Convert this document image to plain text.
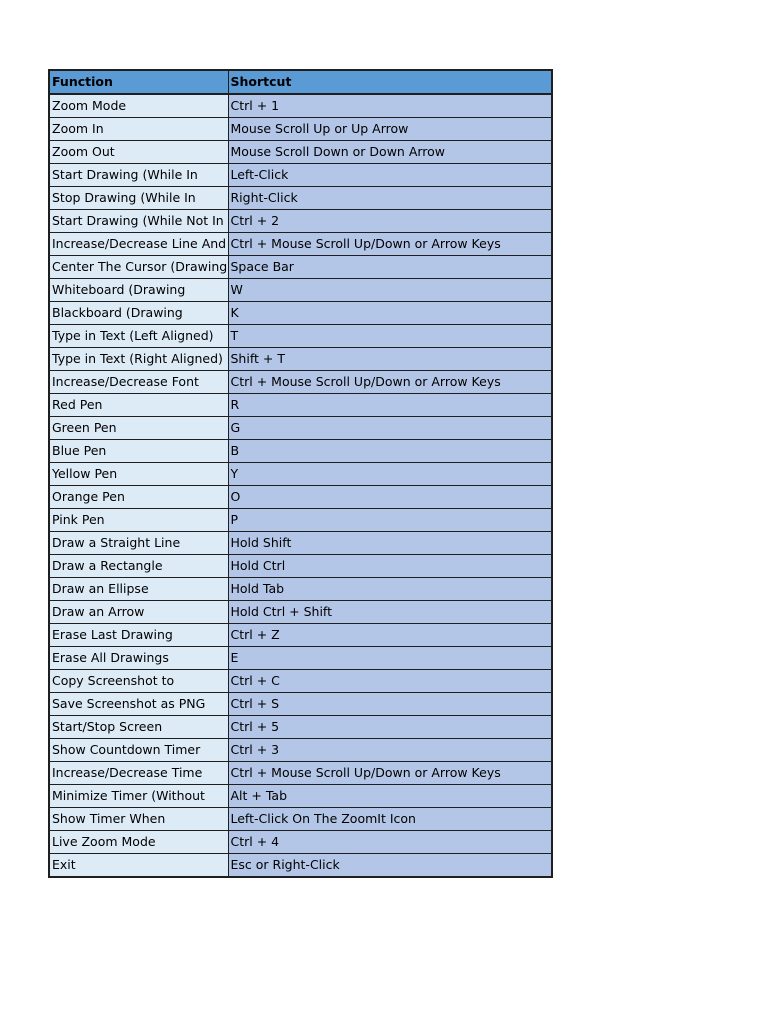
Function	Shortcut
Zoom Mode	Ctrl + 1
Zoom In	Mouse Scroll Up or Up Arrow
Zoom Out	Mouse Scroll Down or Down Arrow
Start Drawing (While In	Left-Click
Stop Drawing (While In	Right-Click
Start Drawing (While Not In	Ctrl + 2
Increase/Decrease Line And	Ctrl + Mouse Scroll Up/Down or Arrow Keys
Center The Cursor (Drawing	Space Bar
Whiteboard (Drawing	W
Blackboard (Drawing	K
Type in Text (Left Aligned)	T
Type in Text (Right Aligned)	Shift + T
Increase/Decrease Font	Ctrl + Mouse Scroll Up/Down or Arrow Keys
Red Pen	R
Green Pen	G
Blue Pen	B
Yellow Pen	Y
Orange Pen	O
Pink Pen	P
Draw a Straight Line	Hold Shift
Draw a Rectangle	Hold Ctrl
Draw an Ellipse	Hold Tab
Draw an Arrow	Hold Ctrl + Shift
Erase Last Drawing	Ctrl + Z
Erase All Drawings	E
Copy Screenshot to	Ctrl + C
Save Screenshot as PNG	Ctrl + S
Start/Stop Screen	Ctrl + 5
Show Countdown Timer	Ctrl + 3
Increase/Decrease Time	Ctrl + Mouse Scroll Up/Down or Arrow Keys
Minimize Timer (Without	Alt + Tab
Show Timer When	Left-Click On The ZoomIt Icon
Live Zoom Mode	Ctrl + 4
Exit	Esc or Right-Click
